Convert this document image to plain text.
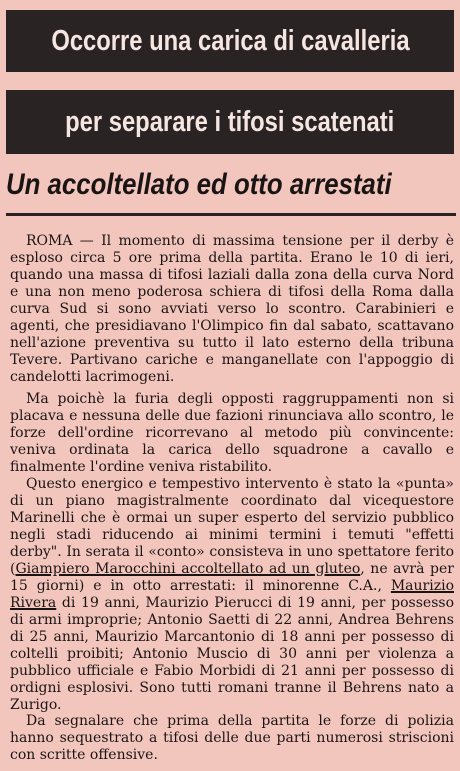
Occorre una carica di cavalleria
per separare i tifosi scatenati
Un accoltellato ed otto arrestati
ROMA — Il momento di massima tensione per il derby è esploso circa 5 ore prima della partita. Erano le 10 di ieri, quando una massa di tifosi laziali dalla zona della curva Nord e una non meno poderosa schiera di tifosi della Roma dalla curva Sud si sono avviati verso lo scontro. Carabinieri e agenti, che presidiavano l'Olimpico fin dal sabato, scattavano nell'azione preventiva su tutto il lato esterno della tribuna Tevere. Partivano cariche e manganellate con l'appoggio di candelotti lacrimogeni.
Ma poichè la furia degli opposti raggruppamenti non si placava e nessuna delle due fazioni rinunciava allo scontro, le forze dell'ordine ricorrevano al metodo più convincente: veniva ordinata la carica dello squadrone a cavallo e finalmente l'ordine veniva ristabilito.
Questo energico e tempestivo intervento è stato la «punta» di un piano magistralmente coordinato dal vicequestore Marinelli che è ormai un super esperto del servizio pubblico negli stadi riducendo ai minimi termini i temuti "effetti derby". In serata il «conto» consisteva in uno spettatore ferito (Giampiero Marocchini accoltellato ad un gluteo, ne avrà per 15 giorni) e in otto arrestati: il minorenne C.A., Maurizio Rivera di 19 anni, Maurizio Pierucci di 19 anni, per possesso di armi improprie; Antonio Saetti di 22 anni, Andrea Behrens di 25 anni, Maurizio Marcantonio di 18 anni per possesso di coltelli proibiti; Antonio Muscio di 30 anni per violenza a pubblico ufficiale e Fabio Morbidi di 21 anni per possesso di ordigni esplosivi. Sono tutti romani tranne il Behrens nato a Zurigo.
Da segnalare che prima della partita le forze di polizia hanno sequestrato a tifosi delle due parti numerosi striscioni con scritte offensive.
